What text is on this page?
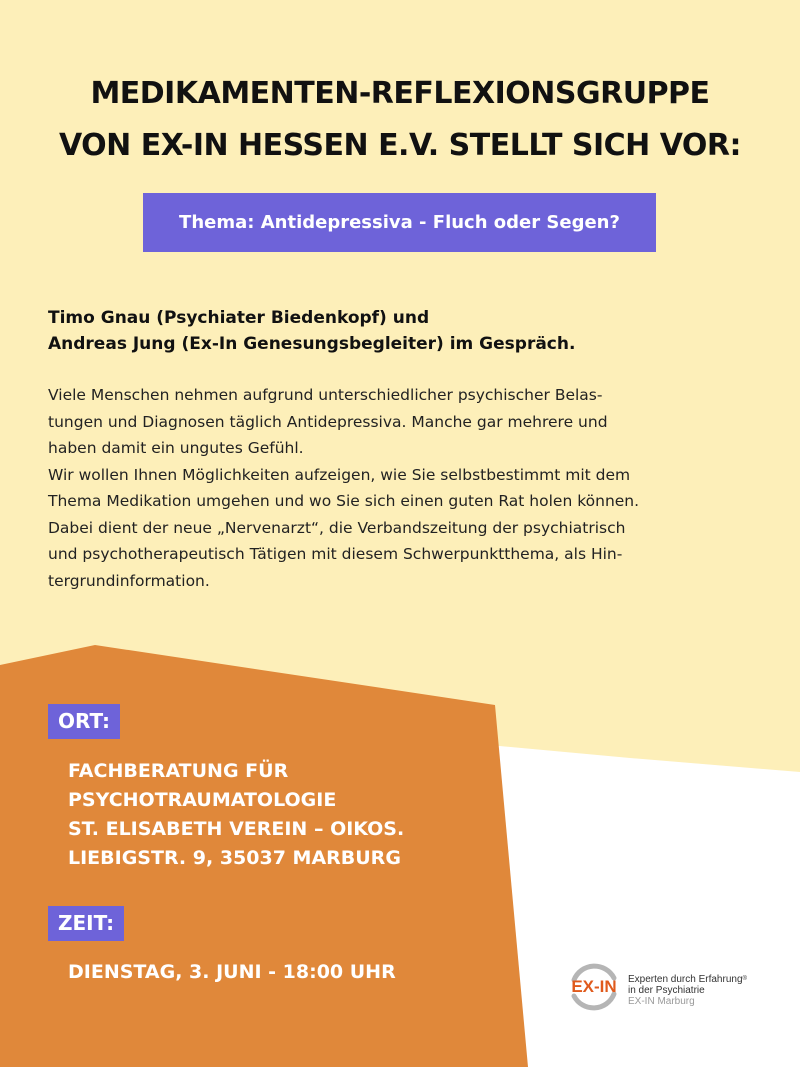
MEDIKAMENTEN-REFLEXIONSGRUPPE
VON EX-IN HESSEN E.V. STELLT SICH VOR:
Thema: Antidepressiva - Fluch oder Segen?
Timo Gnau (Psychiater Biedenkopf) und
Andreas Jung (Ex-In Genesungsbegleiter) im Gespräch.
Viele Menschen nehmen aufgrund unterschiedlicher psychischer Belas-
tungen und Diagnosen täglich Antidepressiva. Manche gar mehrere und
haben damit ein ungutes Gefühl.
Wir wollen Ihnen Möglichkeiten aufzeigen, wie Sie selbstbestimmt mit dem
Thema Medikation umgehen und wo Sie sich einen guten Rat holen können.
Dabei dient der neue „Nervenarzt“, die Verbandszeitung der psychiatrisch
und psychotherapeutisch Tätigen mit diesem Schwerpunktthema, als Hin-
tergrundinformation.
ORT:
FACHBERATUNG FÜR
PSYCHOTRAUMATOLOGIE
ST. ELISABETH VEREIN – OIKOS.
LIEBIGSTR. 9, 35037 MARBURG
ZEIT:
DIENSTAG, 3. JUNI - 18:00 UHR
EX-IN Experten durch Erfahrung®
in der Psychiatrie
EX-IN Marburg
